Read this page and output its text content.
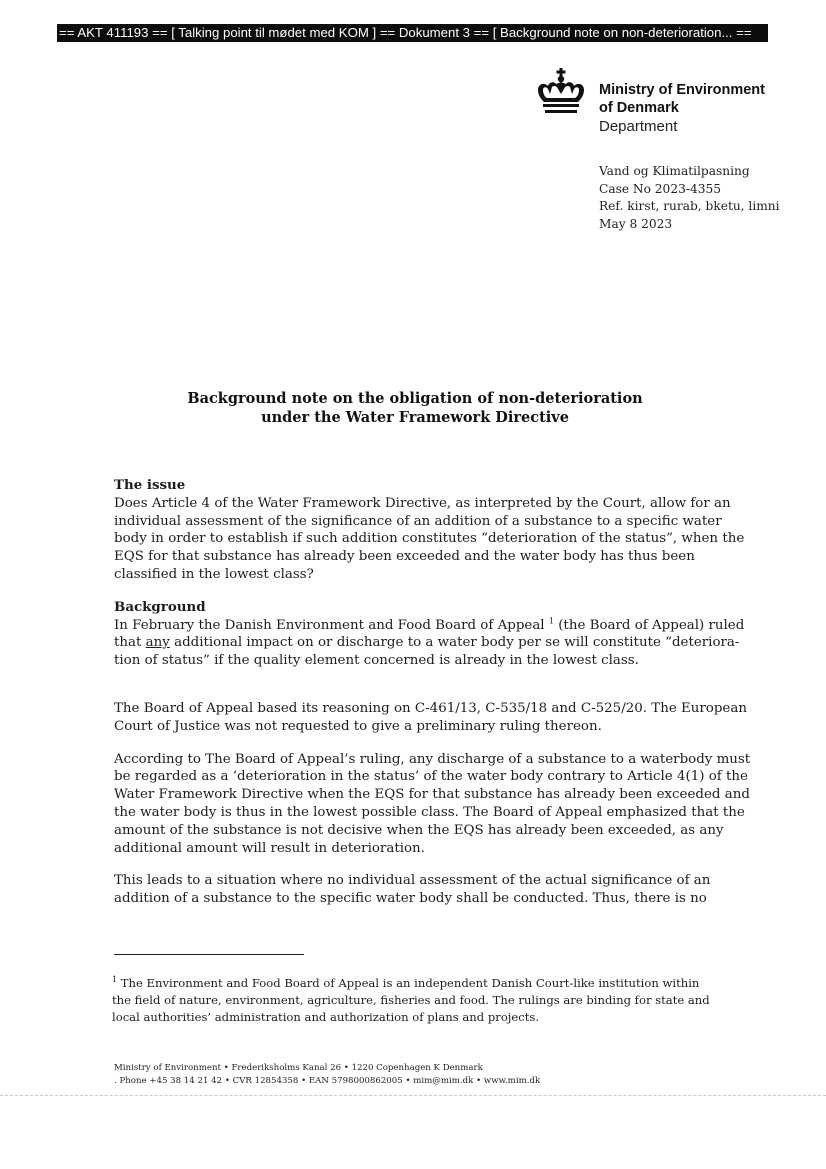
== AKT 411193 == [ Talking point til mødet med KOM ] == Dokument 3 == [ Background note on non-deterioration... ==
Ministry of Environment
of Denmark
Department
Vand og Klimatilpasning
Case No 2023-4355
Ref. kirst, rurab, bketu, limni
May 8 2023
Background note on the obligation of non-deterioration
under the Water Framework Directive
The issue

Does Article 4 of the Water Framework Directive, as interpreted by the Court, allow for an
individual assessment of the significance of an addition of a substance to a specific water
body in order to establish if such addition constitutes “deterioration of the status”, when the
EQS for that substance has already been exceeded and the water body has thus been
classified in the lowest class?

Background

In February the Danish Environment and Food Board of Appeal $^1$ (the Board of Appeal) ruled
that any additional impact on or discharge to a water body per se will constitute “deteriora-
tion of status” if the quality element concerned is already in the lowest class.

The Board of Appeal based its reasoning on C-461/13, C-535/18 and C-525/20. The European
Court of Justice was not requested to give a preliminary ruling thereon.

According to The Board of Appeal’s ruling, any discharge of a substance to a waterbody must
be regarded as a ‘deterioration in the status’ of the water body contrary to Article 4(1) of the
Water Framework Directive when the EQS for that substance has already been exceeded and
the water body is thus in the lowest possible class. The Board of Appeal emphasized that the
amount of the substance is not decisive when the EQS has already been exceeded, as any
additional amount will result in deterioration.

This leads to a situation where no individual assessment of the actual significance of an
addition of a substance to the specific water body shall be conducted. Thus, there is no

$^1$ The Environment and Food Board of Appeal is an independent Danish Court-like institution within
the field of nature, environment, agriculture, fisheries and food. The rulings are binding for state and
local authorities’ administration and authorization of plans and projects.
Ministry of Environment • Frederiksholms Kanal 26 • 1220 Copenhagen K Denmark
. Phone +45 38 14 21 42 • CVR 12854358 • EAN 5798000862005 • mim@mim.dk • www.mim.dk
